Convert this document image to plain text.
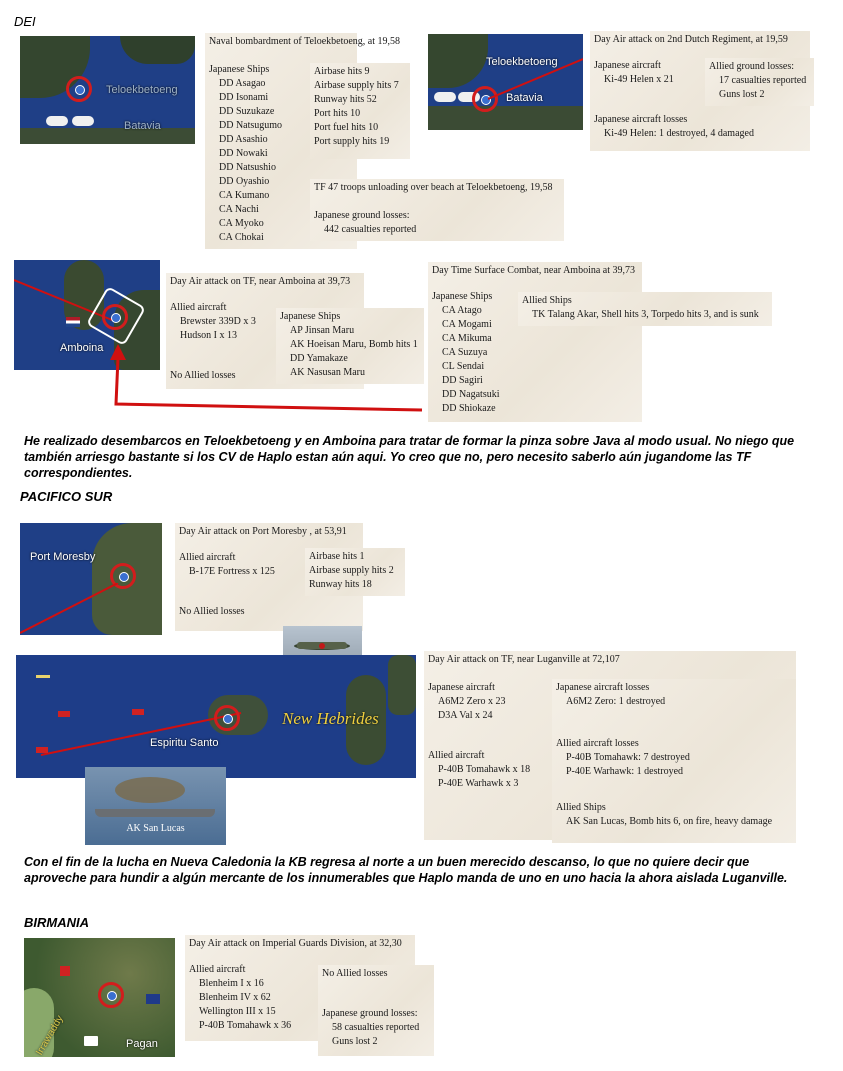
DEI
Teloekbetoeng
Batavia
Naval bombardment of Teloekbetoeng, at 19,58
Japanese Ships
DD Asagao
DD Isonami
DD Suzukaze
DD Natsugumo
DD Asashio
DD Nowaki
DD Natsushio
DD Oyashio
CA Kumano
CA Nachi
CA Myoko
CA Chokai
Airbase hits 9
Airbase supply hits 7
Runway hits 52
Port hits 10
Port fuel hits 10
Port supply hits 19
TF 47 troops unloading over beach at Teloekbetoeng, 19,58
Japanese ground losses:
442 casualties reported
Teloekbetoeng
Batavia
Day Air attack on 2nd Dutch Regiment, at 19,59
Japanese aircraft
Ki-49 Helen x 21
Japanese aircraft losses
Ki-49 Helen: 1 destroyed, 4 damaged
Allied ground losses:
17 casualties reported
Guns lost 2
Amboina
Day Air attack on TF, near Amboina at 39,73
Allied aircraft
Brewster 339D x 3
Hudson I x 13
No Allied losses
Japanese Ships
AP Jinsan Maru
AK Hoeisan Maru, Bomb hits 1
DD Yamakaze
AK Nasusan Maru
Day Time Surface Combat, near Amboina at 39,73
Japanese Ships
CA Atago
CA Mogami
CA Mikuma
CA Suzuya
CL Sendai
DD Sagiri
DD Nagatsuki
DD Shiokaze
Allied Ships
TK Talang Akar, Shell hits 3, Torpedo hits 3, and is sunk
He realizado desembarcos en Teloekbetoeng y en Amboina para tratar de formar la pinza sobre Java al modo usual. No niego que también arriesgo bastante si los CV de Haplo estan aún aqui. Yo creo que no, pero necesito saberlo aún jugandome las TF correspondientes.
PACIFICO SUR
Port Moresby
Day Air attack on Port Moresby , at 53,91
Allied aircraft
B-17E Fortress x 125
No Allied losses
Airbase hits 1
Airbase supply hits 2
Runway hits 18
Espiritu Santo
New Hebrides
AK San Lucas
Day Air attack on TF, near Luganville at 72,107
Japanese aircraft
A6M2 Zero x 23
D3A Val x 24
Allied aircraft
P-40B Tomahawk x 18
P-40E Warhawk x 3
Japanese aircraft losses
A6M2 Zero: 1 destroyed
Allied aircraft losses
P-40B Tomahawk: 7 destroyed
P-40E Warhawk: 1 destroyed
Allied Ships
AK San Lucas, Bomb hits 6, on fire, heavy damage
Con el fin de la lucha en Nueva Caledonia la KB regresa al norte a un buen merecido descanso, lo que no quiere decir que aproveche para hundir a algún mercante de los innumerables que Haplo manda de uno en uno hacia la ahora aislada Luganville.
BIRMANIA
Irrawaddy	Pagan
Day Air attack on Imperial Guards Division, at 32,30
Allied aircraft
Blenheim I x 16
Blenheim IV x 62
Wellington III x 15
P-40B Tomahawk x 36
No Allied losses
Japanese ground losses:
58 casualties reported
Guns lost 2
